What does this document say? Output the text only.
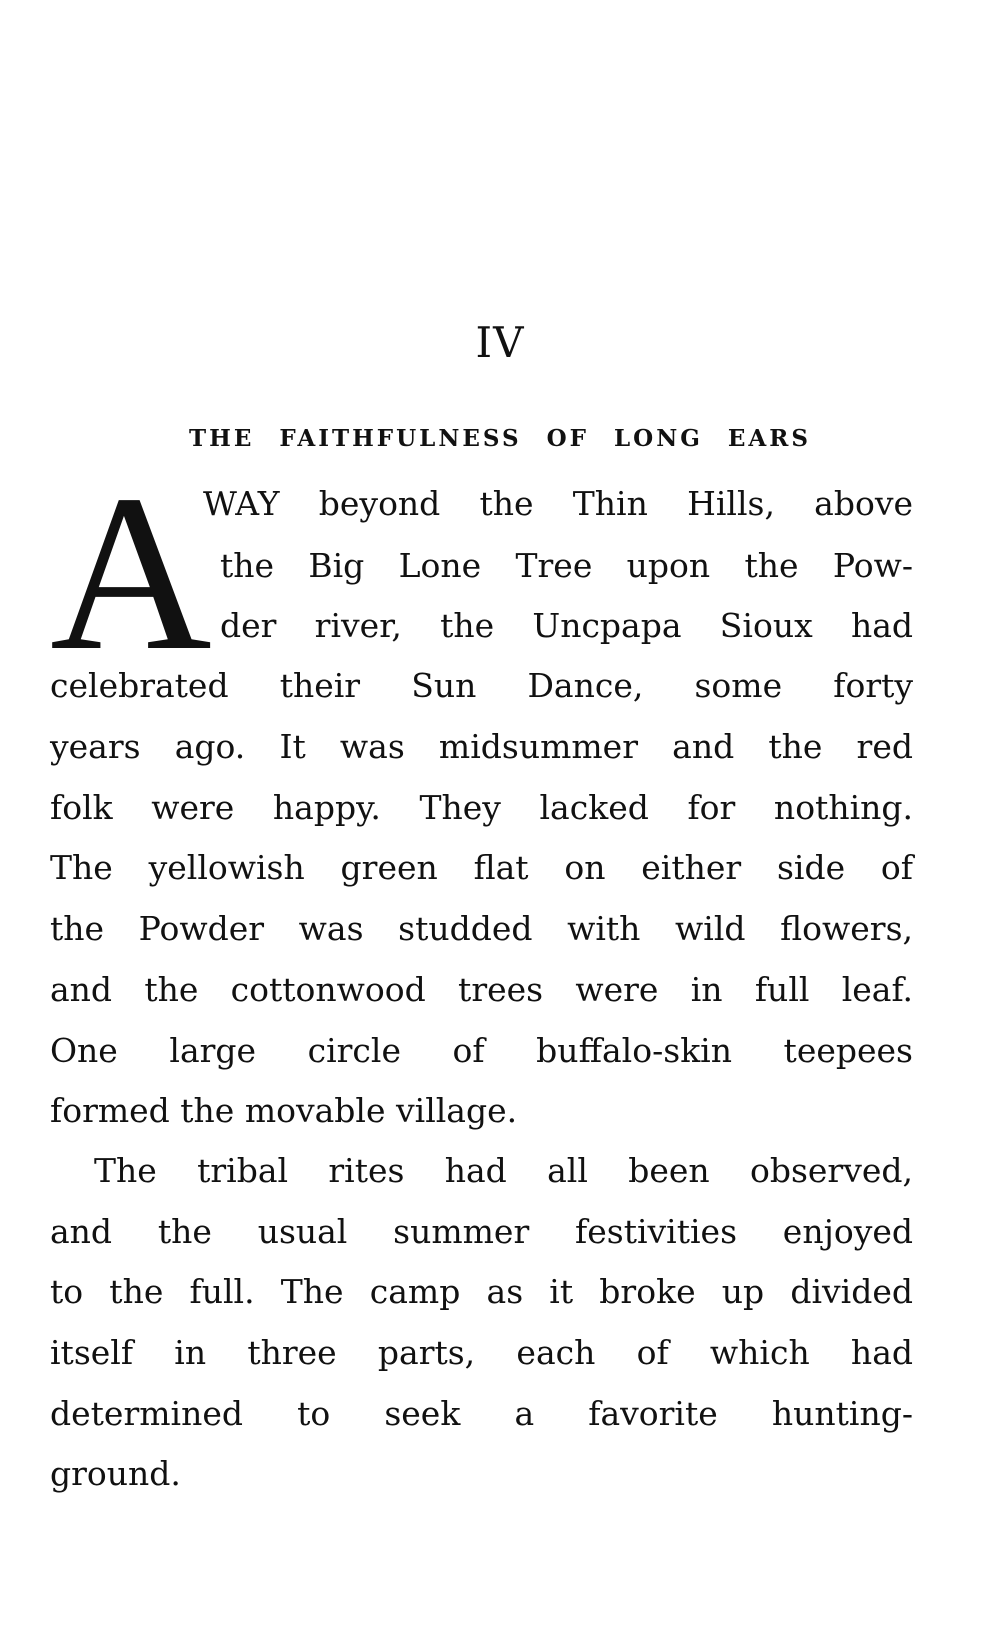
IV
THE FAITHFULNESS OF LONG EARS
A
WAY beyond the Thin Hills, above
the Big Lone Tree upon the Pow-
der river, the Uncpapa Sioux had
celebrated their Sun Dance, some forty
years ago. It was midsummer and the red
folk were happy. They lacked for nothing.
The yellowish green flat on either side of
the Powder was studded with wild flowers,
and the cottonwood trees were in full leaf.
One large circle of buffalo-skin teepees
formed the movable village.
The tribal rites had all been observed,
and the usual summer festivities enjoyed
to the full. The camp as it broke up divided
itself in three parts, each of which had
determined to seek a favorite hunting-
ground.
